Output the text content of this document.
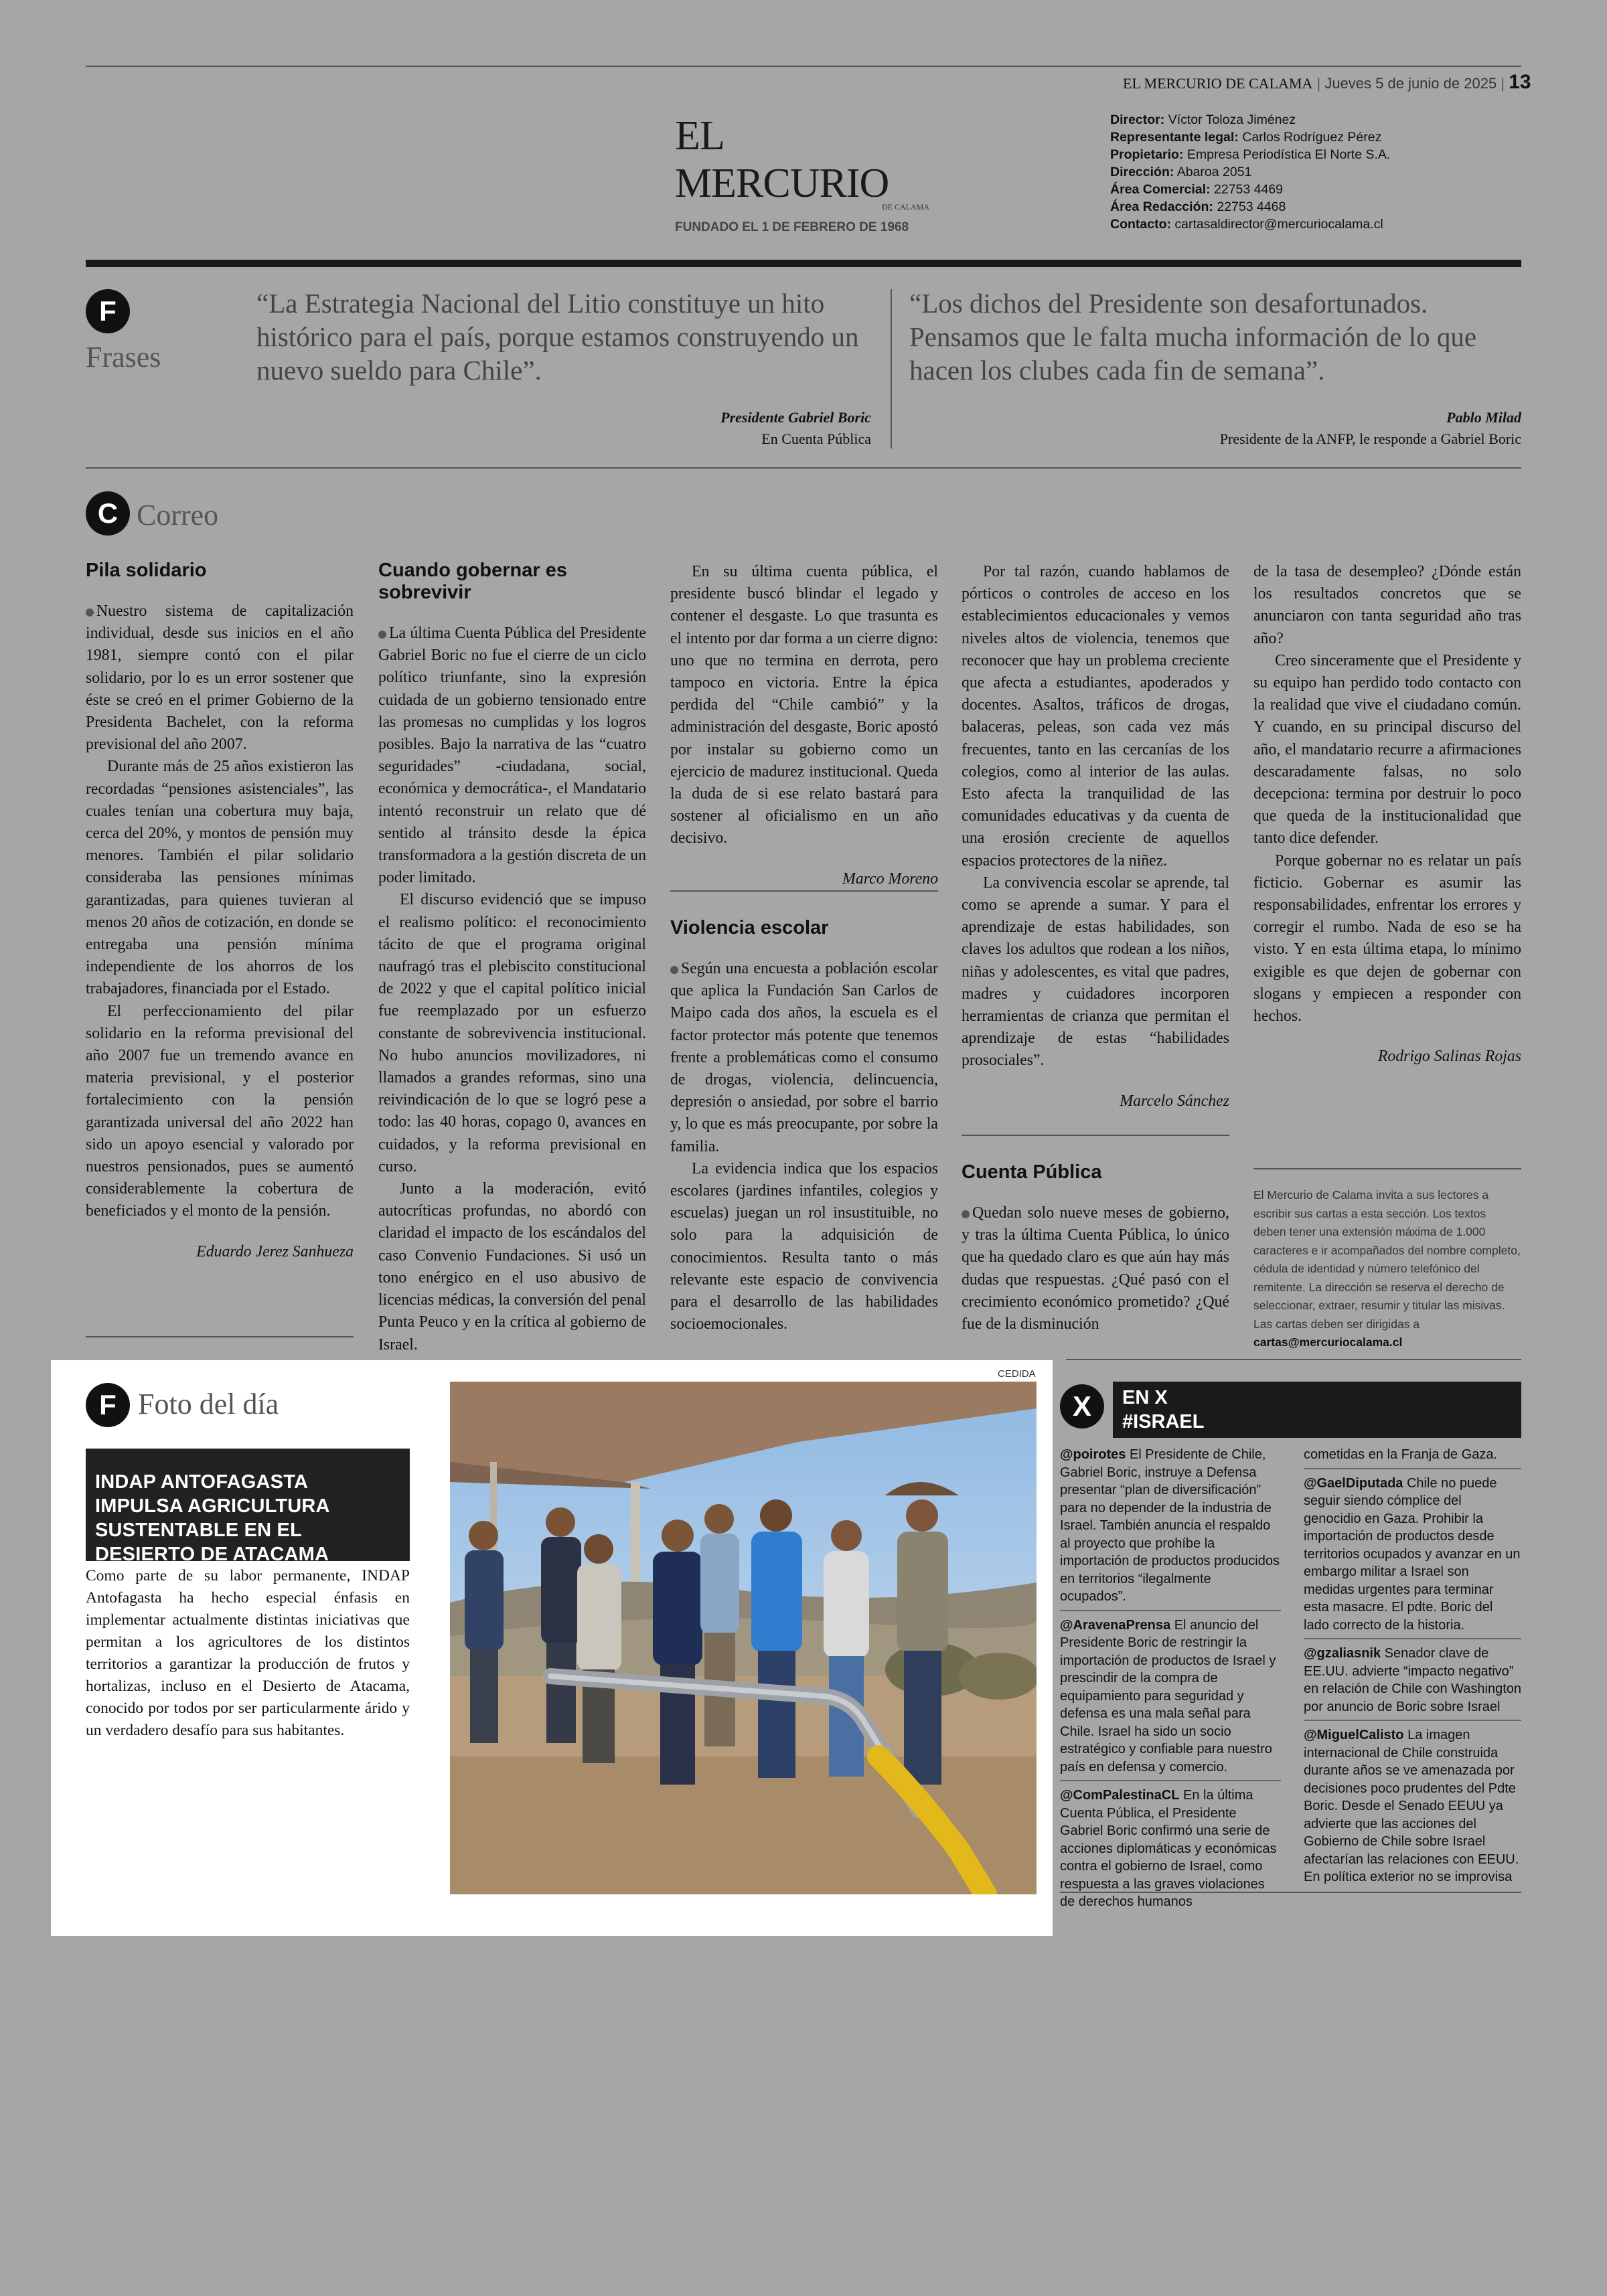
EL MERCURIO DE CALAMA | Jueves 5 de junio de 2025 | 13
EL MERCURIO
DE CALAMA
FUNDADO EL 1 DE FEBRERO DE 1968
Director: Víctor Toloza Jiménez
Representante legal: Carlos Rodríguez Pérez
Propietario: Empresa Periodística El Norte S.A.
Dirección: Abaroa 2051
Área Comercial: 22753 4469
Área Redacción: 22753 4468
Contacto: cartasaldirector@mercuriocalama.cl
F
Frases
“La Estrategia Nacional del Litio constituye un hito histórico para el país, porque estamos construyendo un nuevo sueldo para Chile”.
Presidente Gabriel Boric
En Cuenta Pública
“Los dichos del Presidente son desafortunados. Pensamos que le falta mucha información de lo que hacen los clubes cada fin de semana”.
Pablo Milad
Presidente de la ANFP, le responde a Gabriel Boric
C Correo
Pila solidario

Nuestro sistema de capitalización individual, desde sus inicios en el año 1981, siempre contó con el pilar solidario, por lo es un error sostener que éste se creó en el primer Gobierno de la Presidenta Bachelet, con la reforma previsional del año 2007.

Durante más de 25 años existieron las recordadas “pensiones asistenciales”, las cuales tenían una cobertura muy baja, cerca del 20%, y montos de pensión muy menores. También el pilar solidario consideraba las pensiones mínimas garantizadas, para quienes tuvieran al menos 20 años de cotización, en donde se entregaba una pensión mínima independiente de los ahorros de los trabajadores, financiada por el Estado.

El perfeccionamiento del pilar solidario en la reforma previsional del año 2007 fue un tremendo avance en materia previsional, y el posterior fortalecimiento con la pensión garantizada universal del año 2022 han sido un apoyo esencial y valorado por nuestros pensionados, pues se aumentó considerablemente la cobertura de beneficiados y el monto de la pensión.

Eduardo Jerez Sanhueza
Cuando gobernar es sobrevivir

La última Cuenta Pública del Presidente Gabriel Boric no fue el cierre de un ciclo político triunfante, sino la expresión cuidada de un gobierno tensionado entre las promesas no cumplidas y los logros posibles. Bajo la narrativa de las “cuatro seguridades” -ciudadana, social, económica y democrática-, el Mandatario intentó reconstruir un relato que dé sentido al tránsito desde la épica transformadora a la gestión discreta de un poder limitado.

El discurso evidenció que se impuso el realismo político: el reconocimiento tácito de que el programa original naufragó tras el plebiscito constitucional de 2022 y que el capital político inicial fue reemplazado por un esfuerzo constante de sobrevivencia institucional. No hubo anuncios movilizadores, ni llamados a grandes reformas, sino una reivindicación de lo que se logró pese a todo: las 40 horas, copago 0, avances en cuidados, y la reforma previsional en curso.

Junto a la moderación, evitó autocríticas profundas, no abordó con claridad el impacto de los escándalos del caso Convenio Fundaciones. Si usó un tono enérgico en el uso abusivo de licencias médicas, la conversión del penal Punta Peuco y en la crítica al gobierno de Israel.

En su última cuenta pública, el presidente buscó blindar el legado y contener el desgaste. Lo que trasunta es el intento por dar forma a un cierre digno: uno que no termina en derrota, pero tampoco en victoria. Entre la épica perdida del “Chile cambió” y la administración del desgaste, Boric apostó por instalar su gobierno como un ejercicio de madurez institucional. Queda la duda de si ese relato bastará para sostener al oficialismo en un año decisivo.

Marco Moreno
Violencia escolar

Según una encuesta a población escolar que aplica la Fundación San Carlos de Maipo cada dos años, la escuela es el factor protector más potente que tenemos frente a problemáticas como el consumo de drogas, violencia, delincuencia, depresión o ansiedad, por sobre el barrio y, lo que es más preocupante, por sobre la familia.

La evidencia indica que los espacios escolares (jardines infantiles, colegios y escuelas) juegan un rol insustituible, no solo para la adquisición de conocimientos. Resulta tanto o más relevante este espacio de convivencia para el desarrollo de las habilidades socioemocionales.

Por tal razón, cuando hablamos de pórticos o controles de acceso en los establecimientos educacionales y vemos niveles altos de violencia, tenemos que reconocer que hay un problema creciente que afecta a estudiantes, apoderados y docentes. Asaltos, tráficos de drogas, balaceras, peleas, son cada vez más frecuentes, tanto en las cercanías de los colegios, como al interior de las aulas. Esto afecta la tranquilidad de las comunidades educativas y da cuenta de una erosión creciente de aquellos espacios protectores de la niñez.

La convivencia escolar se aprende, tal como se aprende a sumar. Y para el aprendizaje de estas habilidades, son claves los adultos que rodean a los niños, niñas y adolescentes, es vital que padres, madres y cuidadores incorporen herramientas de crianza que permitan el aprendizaje de estas “habilidades prosociales”.

Marcelo Sánchez
Cuenta Pública

Quedan solo nueve meses de gobierno, y tras la última Cuenta Pública, lo único que ha quedado claro es que aún hay más dudas que respuestas. ¿Qué pasó con el crecimiento económico prometido? ¿Qué fue de la disminución

de la tasa de desempleo? ¿Dónde están los resultados concretos que se anunciaron con tanta seguridad año tras año?

Creo sinceramente que el Presidente y su equipo han perdido todo contacto con la realidad que vive el ciudadano común. Y cuando, en su principal discurso del año, el mandatario recurre a afirmaciones descaradamente falsas, no solo decepciona: termina por destruir lo poco que queda de la institucionalidad que tanto dice defender.

Porque gobernar no es relatar un país ficticio. Gobernar es asumir las responsabilidades, enfrentar los errores y corregir el rumbo. Nada de eso se ha visto. Y en esta última etapa, lo mínimo exigible es que dejen de gobernar con slogans y empiecen a responder con hechos.

Rodrigo Salinas Rojas
El Mercurio de Calama invita a sus lectores a escribir sus cartas a esta sección. Los textos deben tener una extensión máxima de 1.000 caracteres e ir acompañados del nombre completo, cédula de identidad y número telefónico del remitente. La dirección se reserva el derecho de seleccionar, extraer, resumir y titular las misivas. Las cartas deben ser dirigidas a cartas@mercuriocalama.cl
F Foto del día
INDAP ANTOFAGASTA IMPULSA AGRICULTURA SUSTENTABLE EN EL DESIERTO DE ATACAMA
Como parte de su labor permanente, INDAP Antofagasta ha hecho especial énfasis en implementar actualmente distintas iniciativas que permitan a los agricultores de los distintos territorios a garantizar la producción de frutos y hortalizas, incluso en el Desierto de Atacama, conocido por todos por ser particularmente árido y un verdadero desafío para sus habitantes.
CEDIDA
X	EN X
#ISRAEL

@poirotes El Presidente de Chile, Gabriel Boric, instruye a Defensa presentar “plan de diversificación” para no depender de la industria de Israel. También anuncia el respaldo al proyecto que prohíbe la importación de productos producidos en territorios “ilegalmente ocupados”.

@AravenaPrensa El anuncio del Presidente Boric de restringir la importación de productos de Israel y prescindir de la compra de equipamiento para seguridad y defensa es una mala señal para Chile. Israel ha sido un socio estratégico y confiable para nuestro país en defensa y comercio.

@ComPalestinaCL En la última Cuenta Pública, el Presidente Gabriel Boric confirmó una serie de acciones diplomáticas y económicas contra el gobierno de Israel, como respuesta a las graves violaciones de derechos humanos

cometidas en la Franja de Gaza.

@GaelDiputada Chile no puede seguir siendo cómplice del genocidio en Gaza. Prohibir la importación de productos desde territorios ocupados y avanzar en un embargo militar a Israel son medidas urgentes para terminar esta masacre. El pdte. Boric del lado correcto de la historia.

@gzaliasnik Senador clave de EE.UU. advierte “impacto negativo” en relación de Chile con Washington por anuncio de Boric sobre Israel

@MiguelCalisto La imagen internacional de Chile construida durante años se ve amenazada por decisiones poco prudentes del Pdte Boric. Desde el Senado EEUU ya advierte que las acciones del Gobierno de Chile sobre Israel afectarían las relaciones con EEUU. En política exterior no se improvisa
